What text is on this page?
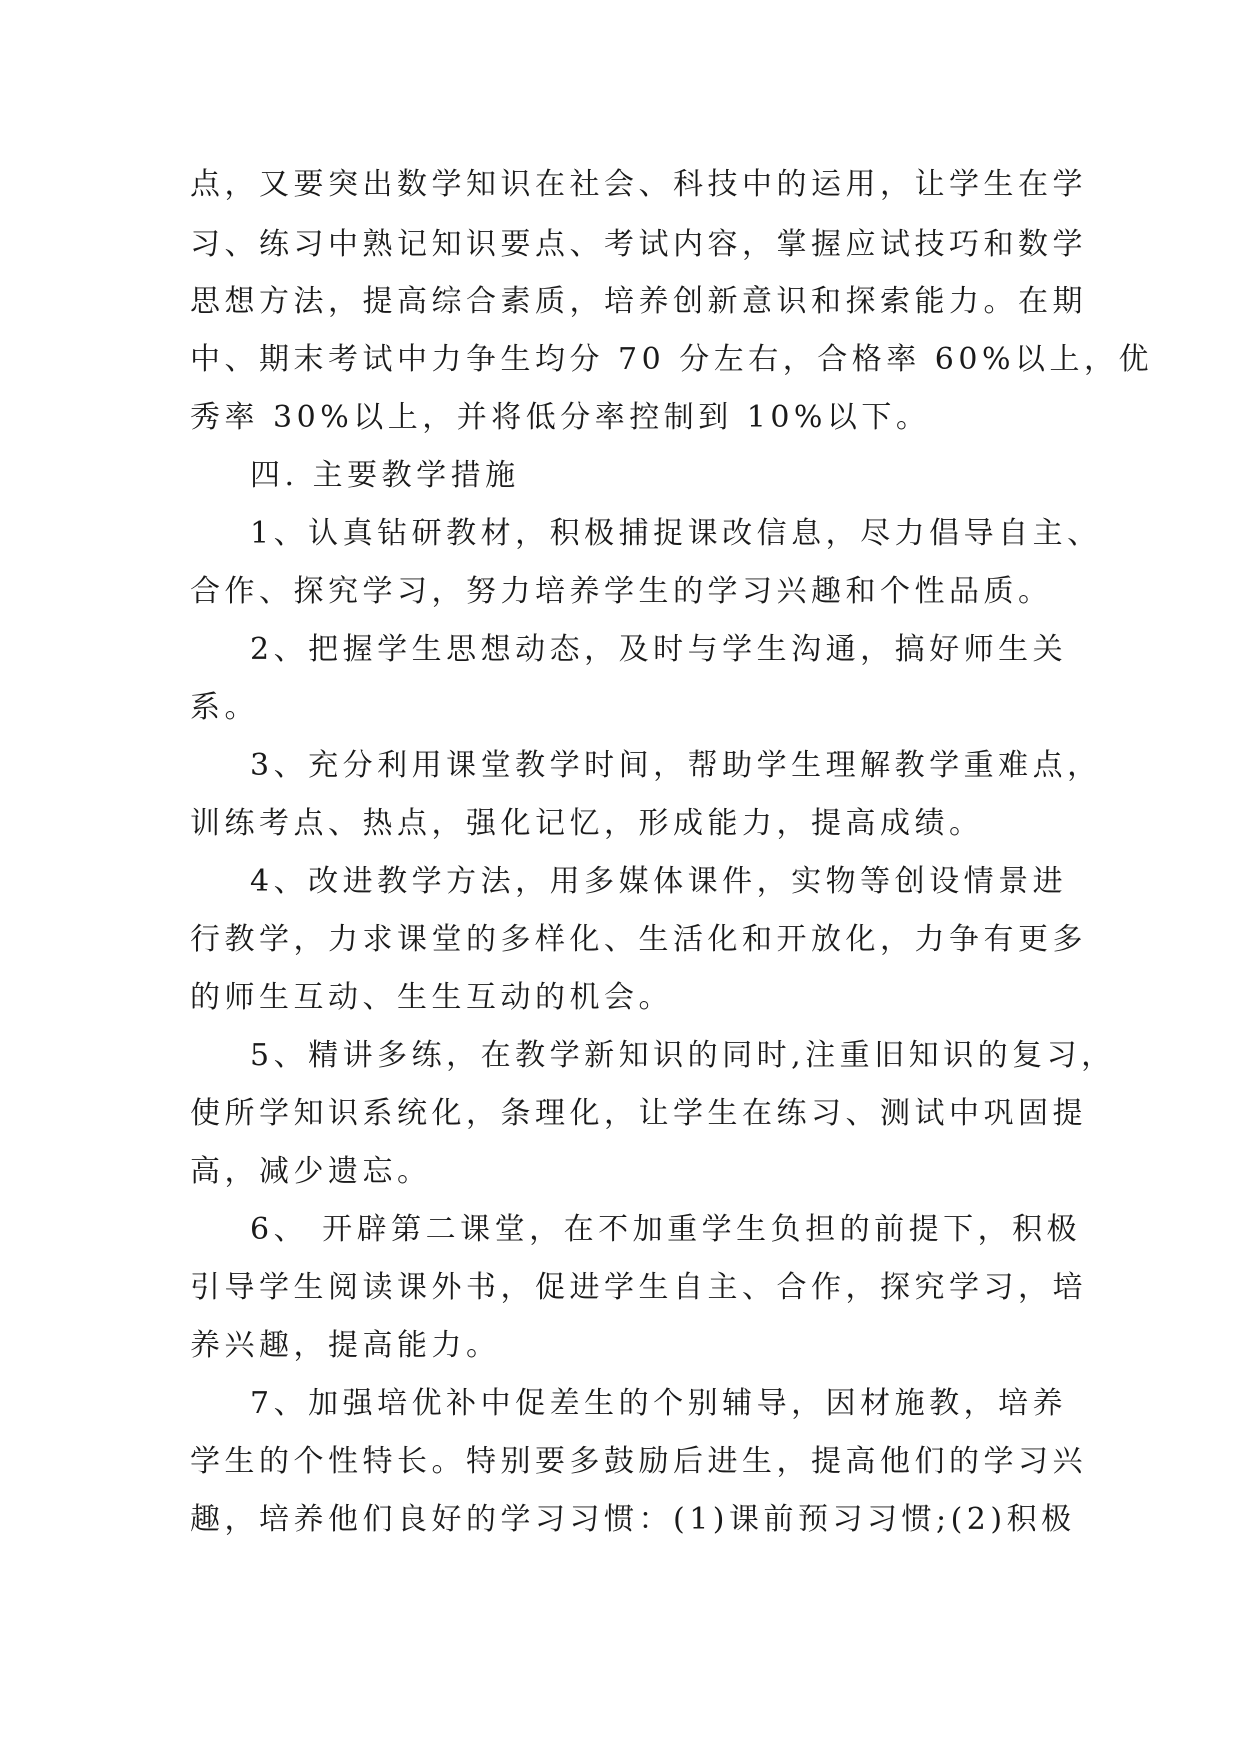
点，又要突出数学知识在社会、科技中的运用，让学生在学
习、练习中熟记知识要点、考试内容，掌握应试技巧和数学
思想方法，提高综合素质，培养创新意识和探索能力。在期
中、期末考试中力争生均分 70 分左右，合格率 60%以上，优
秀率 30%以上，并将低分率控制到 10%以下。
四. 主要教学措施
1、认真钻研教材，积极捕捉课改信息，尽力倡导自主、
合作、探究学习，努力培养学生的学习兴趣和个性品质。
2、把握学生思想动态，及时与学生沟通，搞好师生关
系。
3、充分利用课堂教学时间，帮助学生理解教学重难点，
训练考点、热点，强化记忆，形成能力，提高成绩。
4、改进教学方法，用多媒体课件，实物等创设情景进
行教学，力求课堂的多样化、生活化和开放化，力争有更多
的师生互动、生生互动的机会。
5、精讲多练，在教学新知识的同时,注重旧知识的复习，
使所学知识系统化，条理化，让学生在练习、测试中巩固提
高，减少遗忘。
6、 开辟第二课堂，在不加重学生负担的前提下，积极
引导学生阅读课外书，促进学生自主、合作，探究学习，培
养兴趣，提高能力。
7、加强培优补中促差生的个别辅导，因材施教，培养
学生的个性特长。特别要多鼓励后进生，提高他们的学习兴
趣，培养他们良好的学习习惯：(1)课前预习习惯;(2)积极
